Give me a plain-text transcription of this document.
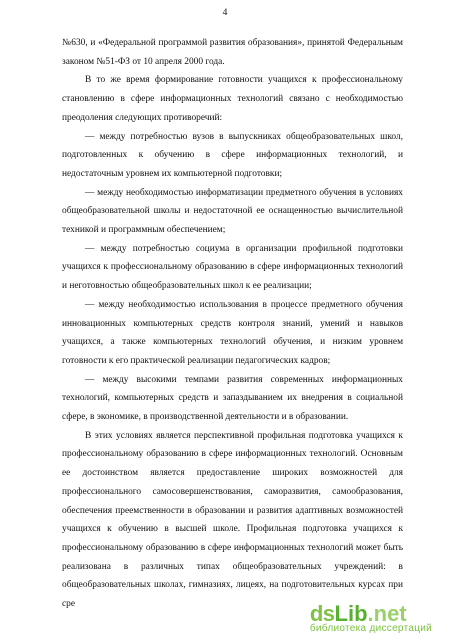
4

№630, и «Федеральной программой развития образования», принятой Федеральным законом №51-ФЗ от 10 апреля 2000 года.

В то же время формирование готовности учащихся к профессиональному становлению в сфере информационных технологий связано с необходимостью преодоления следующих противоречий:

— между потребностью вузов в выпускниках общеобразовательных школ, подготовленных к обучению в сфере информационных технологий, и недостаточным уровнем их компьютерной подготовки;

— между необходимостью информатизации предметного обучения в условиях общеобразовательной школы и недостаточной ее оснащенностью вычислительной техникой и программным обеспечением;

— между потребностью социума в организации профильной подготовки учащихся к профессиональному образованию в сфере информационных технологий и неготовностью общеобразовательных школ к ее реализации;

— между необходимостью использования в процессе предметного обучения инновационных компьютерных средств контроля знаний, умений и навыков учащихся, а также компьютерных технологий обучения, и низким уровнем готовности к его практической реализации педагогических кадров;

— между высокими темпами развития современных информационных технологий, компьютерных средств и запаздыванием их внедрения в социальной сфере, в экономике, в производственной деятельности и в образовании.

В этих условиях является перспективной профильная подготовка учащихся к профессиональному образованию в сфере информационных технологий. Основным ее достоинством является предоставление широких возможностей для профессионального самосовершенствования, саморазвития, самообразования, обеспечения преемственности в образовании и развития адаптивных возможностей учащихся к обучению в высшей школе. Профильная подготовка учащихся к профессиональному образованию в сфере информационных технологий может быть реализована в различных типах общеобразовательных учреждений: в общеобразовательных школах, гимназиях, лицеях, на подготовительных курсах при сре	ds Lib .net
библиотека диссертаций
